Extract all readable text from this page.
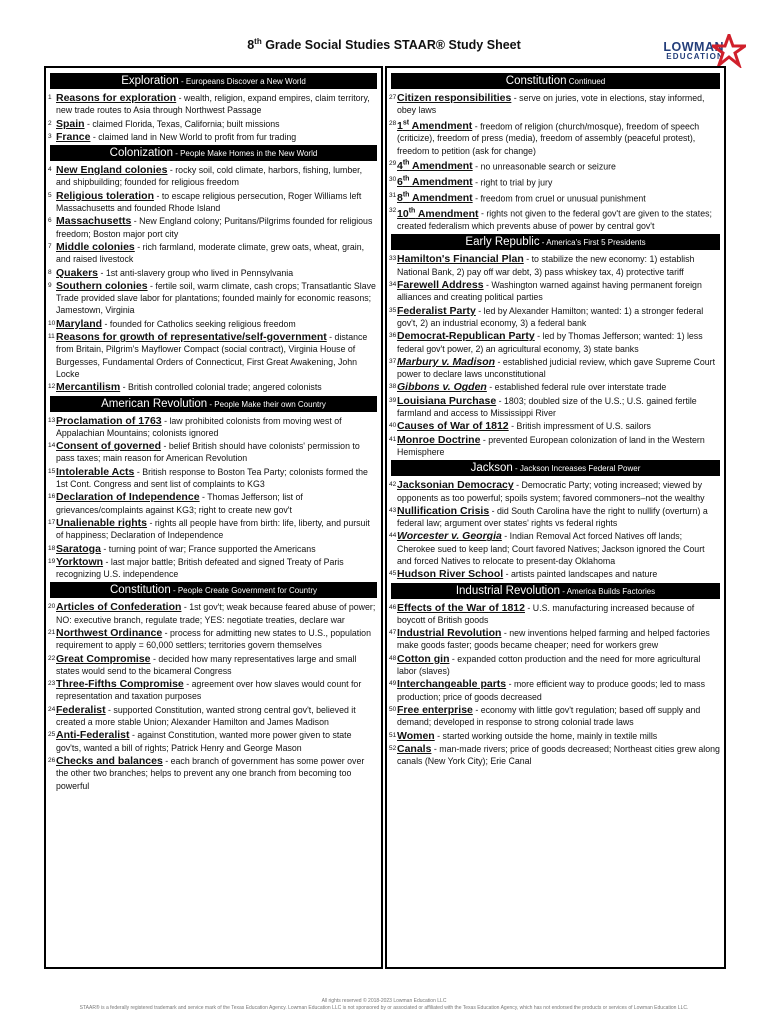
8th Grade Social Studies STAAR® Study Sheet	LOWMAN
EDUCATION
Exploration - Europeans Discover a New World
1 Reasons for exploration - wealth, religion, expand empires, claim territory, new trade routes to Asia through Northwest Passage
2 Spain - claimed Florida, Texas, California; built missions
3 France - claimed land in New World to profit from fur trading
Colonization - People Make Homes in the New World
4 New England colonies - rocky soil, cold climate, harbors, fishing, lumber, and shipbuilding; founded for religious freedom
5 Religious toleration - to escape religious persecution, Roger Williams left Massachusetts and founded Rhode Island
6 Massachusetts - New England colony; Puritans/Pilgrims founded for religious freedom; Boston major port city
7 Middle colonies - rich farmland, moderate climate, grew oats, wheat, grain, and raised livestock
8 Quakers - 1st anti-slavery group who lived in Pennsylvania
9 Southern colonies - fertile soil, warm climate, cash crops; Transatlantic Slave Trade provided slave labor for plantations; founded mainly for economic reasons; Jamestown, Virginia
10 Maryland - founded for Catholics seeking religious freedom
11 Reasons for growth of representative/self-government - distance from Britain, Pilgrim's Mayflower Compact (social contract), Virginia House of Burgesses, Fundamental Orders of Connecticut, First Great Awakening, John Locke
12 Mercantilism - British controlled colonial trade; angered colonists
American Revolution - People Make their own Country
13 Proclamation of 1763 - law prohibited colonists from moving west of Appalachian Mountains; colonists ignored
14 Consent of governed - belief British should have colonists' permission to pass taxes; main reason for American Revolution
15 Intolerable Acts - British response to Boston Tea Party; colonists formed the 1st Cont. Congress and sent list of complaints to KG3
16 Declaration of Independence - Thomas Jefferson; list of grievances/complaints against KG3; right to create new gov't
17 Unalienable rights - rights all people have from birth: life, liberty, and pursuit of happiness; Declaration of Independence
18 Saratoga - turning point of war; France supported the Americans
19 Yorktown - last major battle; British defeated and signed Treaty of Paris recognizing U.S. independence
Constitution - People Create Government for Country
20 Articles of Confederation - 1st gov't; weak because feared abuse of power; NO: executive branch, regulate trade; YES: negotiate treaties, declare war
21 Northwest Ordinance - process for admitting new states to U.S., population requirement to apply = 60,000 settlers; territories govern themselves
22 Great Compromise - decided how many representatives large and small states would send to the bicameral Congress
23 Three-Fifths Compromise - agreement over how slaves would count for representation and taxation purposes
24 Federalist - supported Constitution, wanted strong central gov't, believed it created a more stable Union; Alexander Hamilton and James Madison
25 Anti-Federalist - against Constitution, wanted more power given to state gov'ts, wanted a bill of rights; Patrick Henry and George Mason
26 Checks and balances - each branch of government has some power over the other two branches; helps to prevent any one branch from becoming too powerful
Constitution Continued
27 Citizen responsibilities - serve on juries, vote in elections, stay informed, obey laws
28 1st Amendment - freedom of religion (church/mosque), freedom of speech (criticize), freedom of press (media), freedom of assembly (peaceful protest), freedom to petition (ask for change)
29 4th Amendment - no unreasonable search or seizure
30 6th Amendment - right to trial by jury
31 8th Amendment - freedom from cruel or unusual punishment
32 10th Amendment - rights not given to the federal gov't are given to the states; created federalism which prevents abuse of power by central gov't
Early Republic - America's First 5 Presidents
33 Hamilton's Financial Plan - to stabilize the new economy: 1) establish National Bank, 2) pay off war debt, 3) pass whiskey tax, 4) protective tariff
34 Farewell Address - Washington warned against having permanent foreign alliances and creating political parties
35 Federalist Party - led by Alexander Hamilton; wanted: 1) a stronger federal gov't, 2) an industrial economy, 3) a federal bank
36 Democrat-Republican Party - led by Thomas Jefferson; wanted: 1) less federal gov't power, 2) an agricultural economy, 3) state banks
37 Marbury v. Madison - established judicial review, which gave Supreme Court power to declare laws unconstitutional
38 Gibbons v. Ogden - established federal rule over interstate trade
39 Louisiana Purchase - 1803; doubled size of the U.S.; U.S. gained fertile farmland and access to Mississippi River
40 Causes of War of 1812 - British impressment of U.S. sailors
41 Monroe Doctrine - prevented European colonization of land in the Western Hemisphere
Jackson - Jackson Increases Federal Power
42 Jacksonian Democracy - Democratic Party; voting increased; viewed by opponents as too powerful; spoils system; favored commoners–not the wealthy
43 Nullification Crisis - did South Carolina have the right to nullify (overturn) a federal law; argument over states' rights vs federal rights
44 Worcester v. Georgia - Indian Removal Act forced Natives off lands; Cherokee sued to keep land; Court favored Natives; Jackson ignored the Court and forced Natives to relocate to present-day Oklahoma
45 Hudson River School - artists painted landscapes and nature
Industrial Revolution - America Builds Factories
46 Effects of the War of 1812 - U.S. manufacturing increased because of boycott of British goods
47 Industrial Revolution - new inventions helped farming and helped factories make goods faster; goods became cheaper; need for workers grew
48 Cotton gin - expanded cotton production and the need for more agricultural labor (slaves)
49 Interchangeable parts - more efficient way to produce goods; led to mass production; price of goods decreased
50 Free enterprise - economy with little gov't regulation; based off supply and demand; developed in response to strong colonial trade laws
51 Women - started working outside the home, mainly in textile mills
52 Canals - man-made rivers; price of goods decreased; Northeast cities grew along canals (New York City); Erie Canal
All rights reserved © 2018-2023 Lowman Education LLC
STAAR® is a federally registered trademark and service mark of the Texas Education Agency. Lowman Education LLC is not sponsored by or associated or affiliated with the Texas Education Agency, which has not endorsed the products or services of Lowman Education LLC.
